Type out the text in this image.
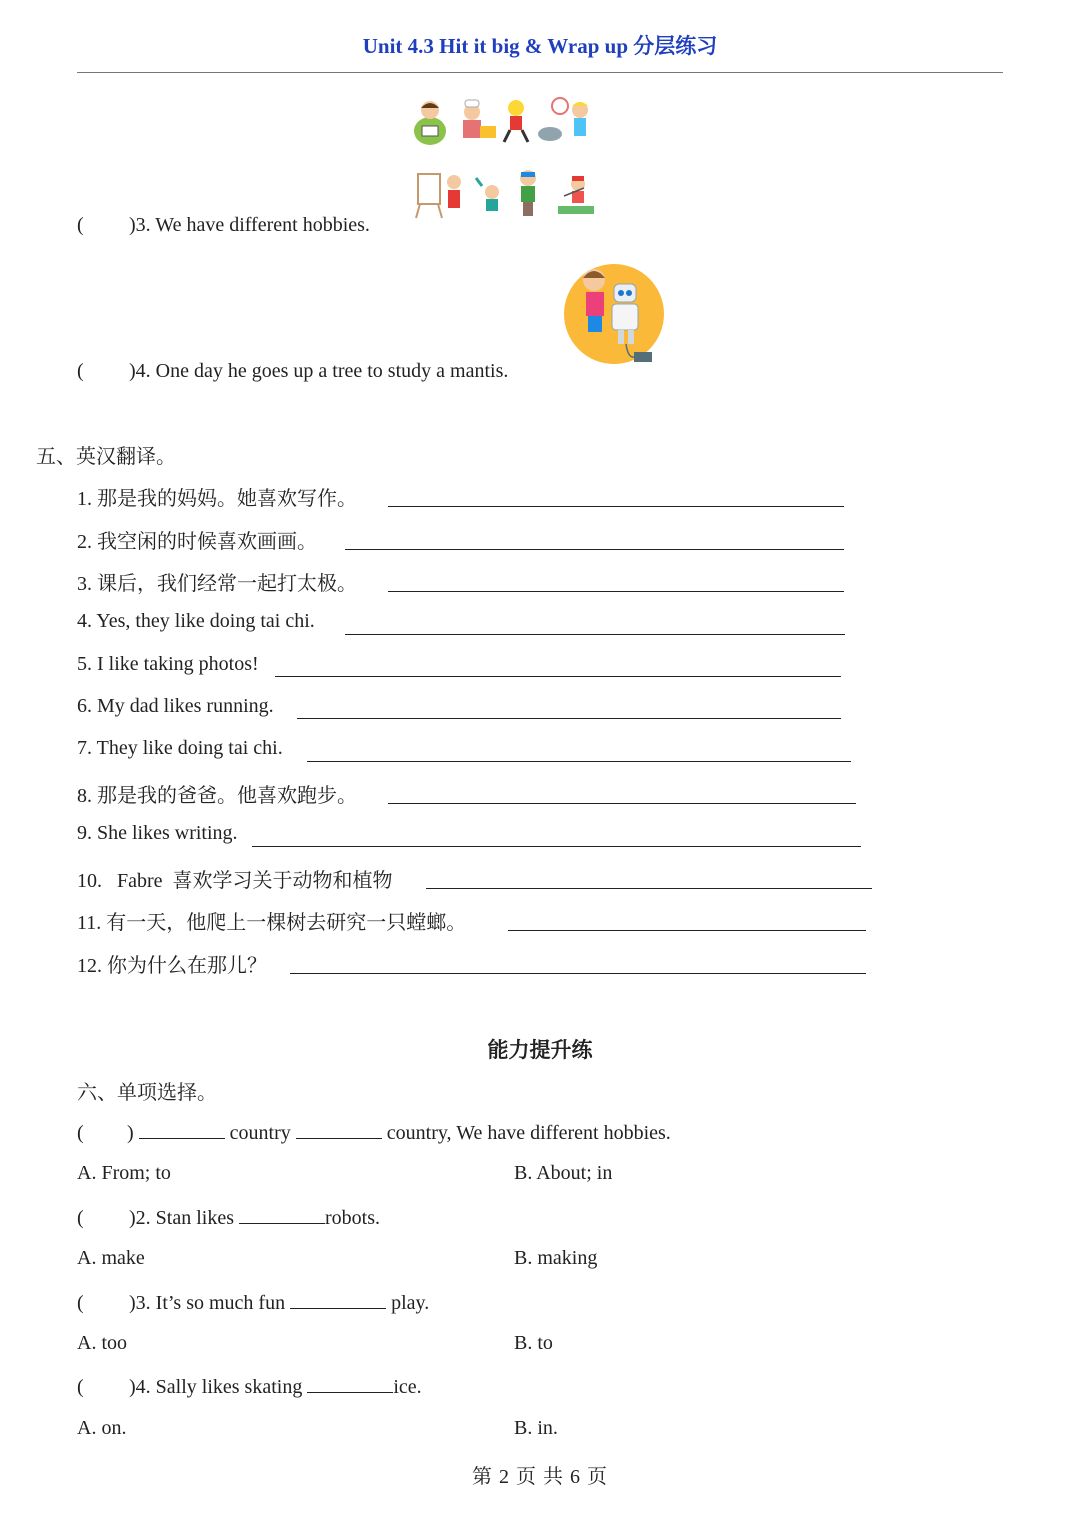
Unit 4.3 Hit it big & Wrap up 分层练习
( )3. We have different hobbies.
( )4. One day he goes up a tree to study a mantis.
五、英汉翻译。
1. 那是我的妈妈。她喜欢写作。
2. 我空闲的时候喜欢画画。
3. 课后，我们经常一起打太极。
4. Yes, they like doing tai chi.
5. I like taking photos!
6. My dad likes running.
7. They like doing tai chi.
8. 那是我的爸爸。他喜欢跑步。
9. She likes writing.
10.   Fabre  喜欢学习关于动物和植物
11. 有一天，他爬上一棵树去研究一只螳螂。
12. 你为什么在那儿？
能力提升练
六、单项选择。
( )	country	country, We have different hobbies.
A. From; to	B. About; in
( )2. Stan likes	robots.
A. make	B. making
( )3. It’s so much fun	play.
A. too	B. to
( )4. Sally likes skating	ice.
A. on.	B. in.
第 2 页 共 6 页
